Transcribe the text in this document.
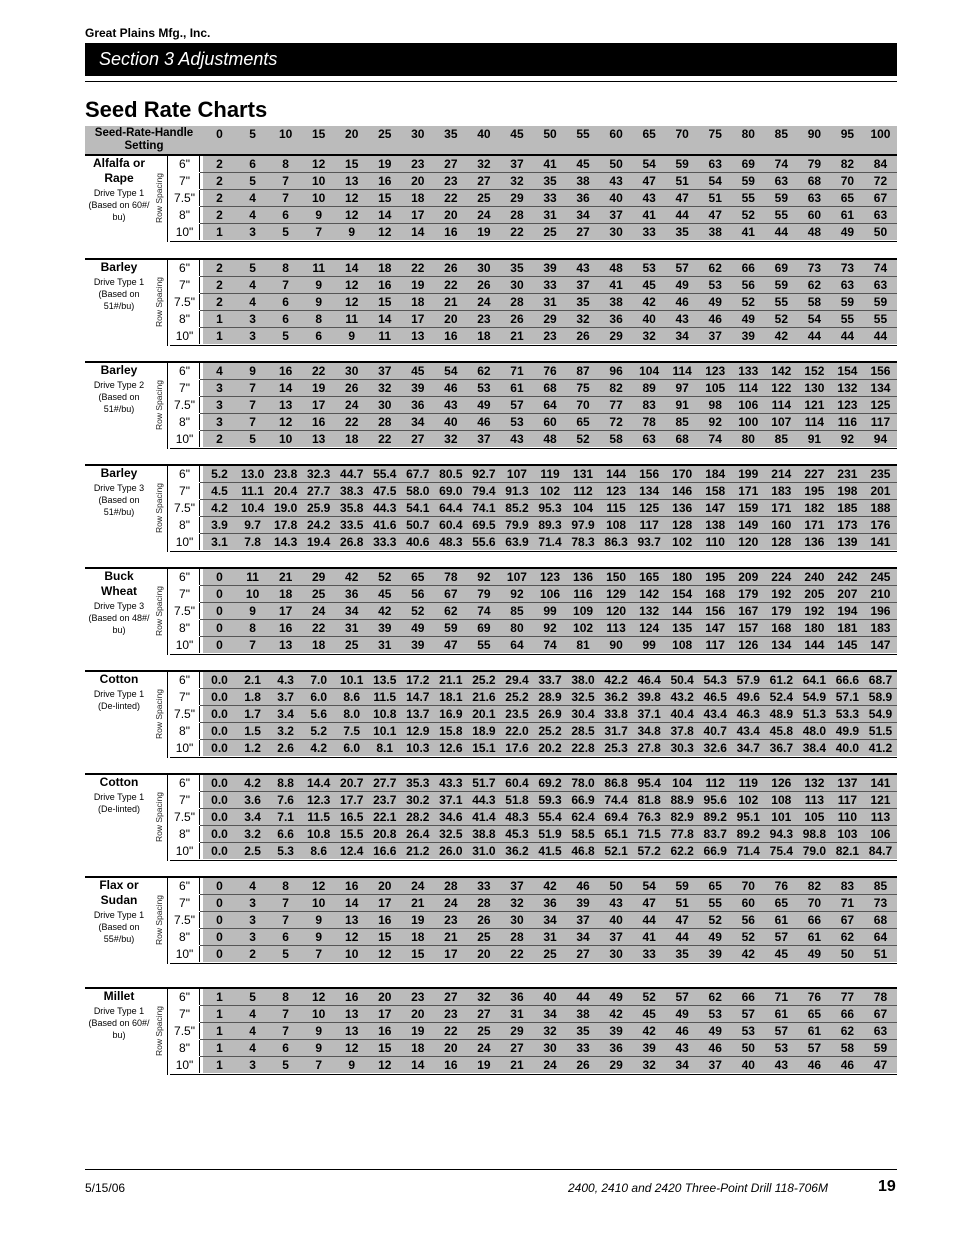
Great Plains Mfg., Inc.
Section 3 Adjustments
Seed Rate Charts
Seed-Rate-Handle Setting
0	5	10	15	20	25	30	35	40	45	50	55	60	65	70	75	80	85	90	95	100
Alfalfa or Rape
Drive Type 1 (Based on 60#/ bu)	Row Spacing
6"	2	6	8	12	15	19	23	27	32	37	41	45	50	54	59	63	69	74	79	82	84
7"	2	5	7	10	13	16	20	23	27	32	35	38	43	47	51	54	59	63	68	70	72
7.5"	2	4	7	10	12	15	18	22	25	29	33	36	40	43	47	51	55	59	63	65	67
8"	2	4	6	9	12	14	17	20	24	28	31	34	37	41	44	47	52	55	60	61	63
10"	1	3	5	7	9	12	14	16	19	22	25	27	30	33	35	38	41	44	48	49	50
Barley
Drive Type 1 (Based on 51#/bu)	Row Spacing
6"	2	5	8	11	14	18	22	26	30	35	39	43	48	53	57	62	66	69	73	73	74
7"	2	4	7	9	12	16	19	22	26	30	33	37	41	45	49	53	56	59	62	63	63
7.5"	2	4	6	9	12	15	18	21	24	28	31	35	38	42	46	49	52	55	58	59	59
8"	1	3	6	8	11	14	17	20	23	26	29	32	36	40	43	46	49	52	54	55	55
10"	1	3	5	6	9	11	13	16	18	21	23	26	29	32	34	37	39	42	44	44	44
Barley
Drive Type 2 (Based on 51#/bu)	Row Spacing
6"	4	9	16	22	30	37	45	54	62	71	76	87	96	104	114	123	133	142	152	154	156
7"	3	7	14	19	26	32	39	46	53	61	68	75	82	89	97	105	114	122	130	132	134
7.5"	3	7	13	17	24	30	36	43	49	57	64	70	77	83	91	98	106	114	121	123	125
8"	3	7	12	16	22	28	34	40	46	53	60	65	72	78	85	92	100	107	114	116	117
10"	2	5	10	13	18	22	27	32	37	43	48	52	58	63	68	74	80	85	91	92	94
Barley
Drive Type 3 (Based on 51#/bu)	Row Spacing
6"	5.2	13.0 23.8 32.3 44.7 55.4 67.7 80.5 92.7 107	119	131	144	156	170	184	199	214	227	231	235
7"	4.5	11.1 20.4 27.7 38.3 47.5 58.0 69.0 79.4 91.3 102	112	123	134	146	158	171	183	195	198	201
7.5"	4.2	10.4 19.0 25.9 35.8 44.3 54.1 64.4 74.1 85.2 95.3 104	115	125	136	147	159	171	182	185	188
8"	3.9	9.7	17.8 24.2 33.5 41.6 50.7 60.4 69.5 79.9 89.3 97.9 108	117	128	138	149	160	171	173	176
10"	3.1	7.8	14.3 19.4 26.8 33.3 40.6 48.3 55.6 63.9 71.4 78.3 86.3 93.7 102	110	120	128	136	139	141
Buck Wheat
Drive Type 3 (Based on 48#/ bu)	Row Spacing
6"	0	11	21	29	42	52	65	78	92	107	123	136	150	165	180	195	209	224	240	242	245
7"	0	10	18	25	36	45	56	67	79	92	106	116	129	142	154	168	179	192	205	207	210
7.5"	0	9	17	24	34	42	52	62	74	85	99	109	120	132	144	156	167	179	192	194	196
8"	0	8	16	22	31	39	49	59	69	80	92	102	113	124	135	147	157	168	180	181	183
10"	0	7	13	18	25	31	39	47	55	64	74	81	90	99	108	117	126	134	144	145	147
Cotton
Drive Type 1 (De-linted)	Row Spacing
6"	0.0	2.1	4.3	7.0	10.1 13.5 17.2 21.1 25.2 29.4 33.7 38.0 42.2 46.4 50.4 54.3 57.9 61.2 64.1 66.6 68.7
7"	0.0	1.8	3.7	6.0	8.6	11.5 14.7 18.1 21.6 25.2 28.9 32.5 36.2 39.8 43.2 46.5 49.6 52.4 54.9 57.1 58.9
7.5"	0.0	1.7	3.4	5.6	8.0	10.8 13.7 16.9 20.1 23.5 26.9 30.4 33.8 37.1 40.4 43.4 46.3 48.9 51.3 53.3 54.9
8"	0.0	1.5	3.2	5.2	7.5	10.1 12.9 15.8 18.9 22.0 25.2 28.5 31.7 34.8 37.8 40.7 43.4 45.8 48.0 49.9 51.5
10"	0.0	1.2	2.6	4.2	6.0	8.1	10.3 12.6 15.1 17.6 20.2 22.8 25.3 27.8 30.3 32.6 34.7 36.7 38.4 40.0 41.2
Cotton
Drive Type 1 (De-linted)	Row Spacing
6"	0.0	4.2	8.8	14.4 20.7 27.7 35.3 43.3 51.7 60.4 69.2 78.0 86.8 95.4 104	112	119	126	132	137	141
7"	0.0	3.6	7.6	12.3 17.7 23.7 30.2 37.1 44.3 51.8 59.3 66.9 74.4 81.8 88.9 95.6 102	108	113	117	121
7.5"	0.0	3.4	7.1	11.5 16.5 22.1 28.2 34.6 41.4 48.3 55.4 62.4 69.4 76.3 82.9 89.2 95.1 101	105	110	113
8"	0.0	3.2	6.6	10.8 15.5 20.8 26.4 32.5 38.8 45.3 51.9 58.5 65.1 71.5 77.8 83.7 89.2 94.3 98.8 103	106
10"	0.0	2.5	5.3	8.6	12.4 16.6 21.2 26.0 31.0 36.2 41.5 46.8 52.1 57.2 62.2 66.9 71.4 75.4 79.0 82.1 84.7
Flax or Sudan
Drive Type 1 (Based on 55#/bu)	Row Spacing
6"	0	4	8	12	16	20	24	28	33	37	42	46	50	54	59	65	70	76	82	83	85
7"	0	3	7	10	14	17	21	24	28	32	36	39	43	47	51	55	60	65	70	71	73
7.5"	0	3	7	9	13	16	19	23	26	30	34	37	40	44	47	52	56	61	66	67	68
8"	0	3	6	9	12	15	18	21	25	28	31	34	37	41	44	49	52	57	61	62	64
10"	0	2	5	7	10	12	15	17	20	22	25	27	30	33	35	39	42	45	49	50	51
Millet
Drive Type 1 (Based on 60#/ bu)	Row Spacing
6"	1	5	8	12	16	20	23	27	32	36	40	44	49	52	57	62	66	71	76	77	78
7"	1	4	7	10	13	17	20	23	27	31	34	38	42	45	49	53	57	61	65	66	67
7.5"	1	4	7	9	13	16	19	22	25	29	32	35	39	42	46	49	53	57	61	62	63
8"	1	4	6	9	12	15	18	20	24	27	30	33	36	39	43	46	50	53	57	58	59
10"	1	3	5	7	9	12	14	16	19	21	24	26	29	32	34	37	40	43	46	46	47
5/15/06	2400, 2410 and 2420 Three-Point Drill 118-706M	19
